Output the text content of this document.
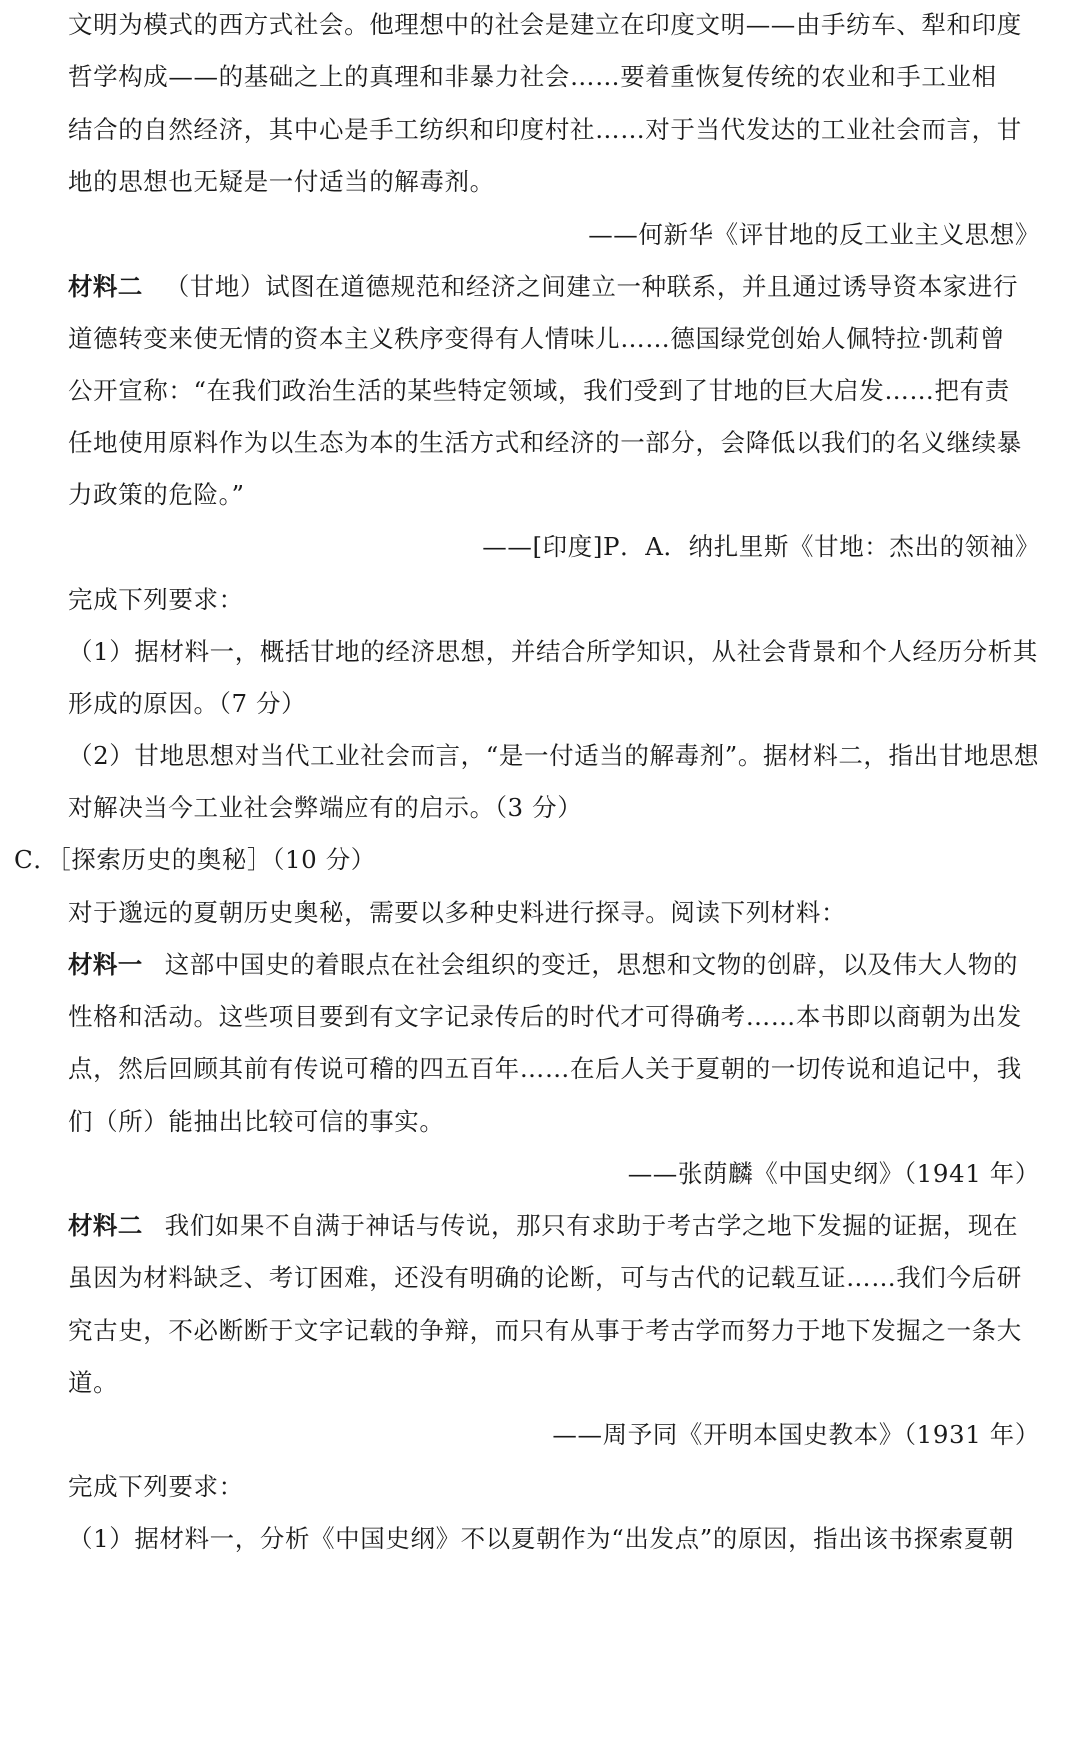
文明为模式的西方式社会。他理想中的社会是建立在印度文明——由手纺车、犁和印度
哲学构成——的基础之上的真理和非暴力社会……要着重恢复传统的农业和手工业相
结合的自然经济，其中心是手工纺织和印度村社……对于当代发达的工业社会而言，甘
地的思想也无疑是一付适当的解毒剂。
——何新华《评甘地的反工业主义思想》
材料二 （甘地）试图在道德规范和经济之间建立一种联系，并且通过诱导资本家进行
道德转变来使无情的资本主义秩序变得有人情味儿……德国绿党创始人佩特拉·凯莉曾
公开宣称：“在我们政治生活的某些特定领域，我们受到了甘地的巨大启发……把有责
任地使用原料作为以生态为本的生活方式和经济的一部分，会降低以我们的名义继续暴
力政策的危险。”
——[印度]P．A．纳扎里斯《甘地：杰出的领袖》
完成下列要求：
（1）据材料一，概括甘地的经济思想，并结合所学知识，从社会背景和个人经历分析其
形成的原因。（7 分）
（2）甘地思想对当代工业社会而言，“是一付适当的解毒剂”。据材料二，指出甘地思想
对解决当今工业社会弊端应有的启示。（3 分）
C．［探索历史的奥秘］（10 分）
对于邈远的夏朝历史奥秘，需要以多种史料进行探寻。阅读下列材料：
材料一 这部中国史的着眼点在社会组织的变迁，思想和文物的创辟，以及伟大人物的
性格和活动。这些项目要到有文字记录传后的时代才可得确考……本书即以商朝为出发
点，然后回顾其前有传说可稽的四五百年……在后人关于夏朝的一切传说和追记中，我
们（所）能抽出比较可信的事实。
——张荫麟《中国史纲》（1941 年）
材料二 我们如果不自满于神话与传说，那只有求助于考古学之地下发掘的证据，现在
虽因为材料缺乏、考订困难，还没有明确的论断，可与古代的记载互证……我们今后研
究古史，不必断断于文字记载的争辩，而只有从事于考古学而努力于地下发掘之一条大
道。
——周予同《开明本国史教本》（1931 年）
完成下列要求：
（1）据材料一，分析《中国史纲》不以夏朝作为“出发点”的原因，指出该书探索夏朝
